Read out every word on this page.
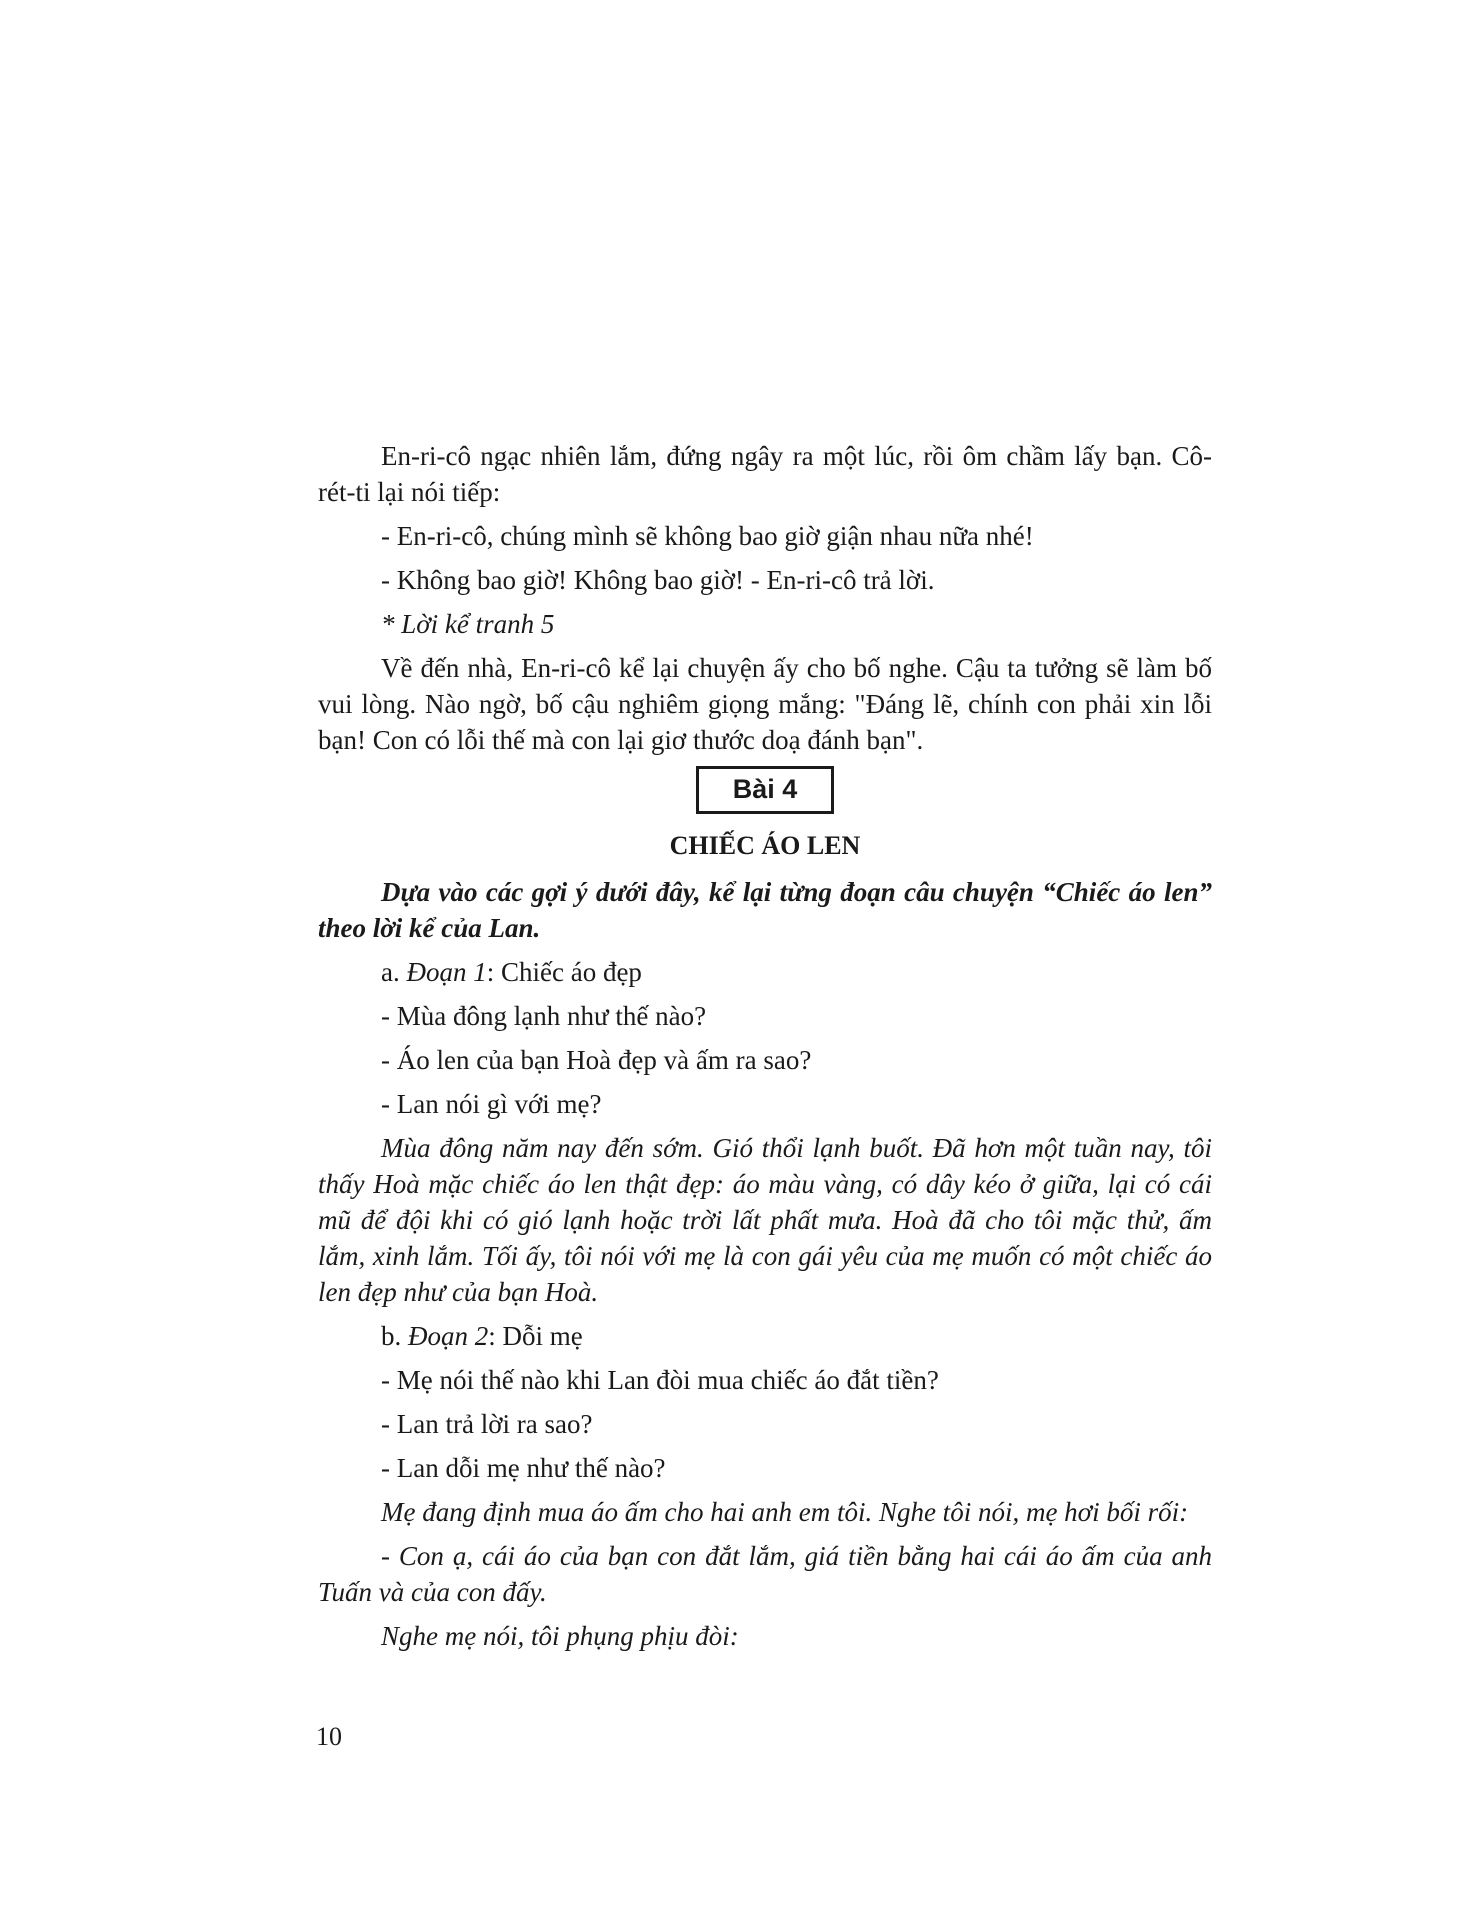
En-ri-cô ngạc nhiên lắm, đứng ngây ra một lúc, rồi ôm chầm lấy bạn. Cô-rét-ti lại nói tiếp:

- En-ri-cô, chúng mình sẽ không bao giờ giận nhau nữa nhé!

- Không bao giờ! Không bao giờ! - En-ri-cô trả lời.

* Lời kể tranh 5

Về đến nhà, En-ri-cô kể lại chuyện ấy cho bố nghe. Cậu ta tưởng sẽ làm bố vui lòng. Nào ngờ, bố cậu nghiêm giọng mắng: "Đáng lẽ, chính con phải xin lỗi bạn! Con có lỗi thế mà con lại giơ thước doạ đánh bạn".

Bài 4

CHIẾC ÁO LEN

Dựa vào các gợi ý dưới đây, kể lại từng đoạn câu chuyện “Chiếc áo len” theo lời kể của Lan.

a. Đoạn 1: Chiếc áo đẹp

- Mùa đông lạnh như thế nào?

- Áo len của bạn Hoà đẹp và ấm ra sao?

- Lan nói gì với mẹ?

Mùa đông năm nay đến sớm. Gió thổi lạnh buốt. Đã hơn một tuần nay, tôi thấy Hoà mặc chiếc áo len thật đẹp: áo màu vàng, có dây kéo ở giữa, lại có cái mũ để đội khi có gió lạnh hoặc trời lất phất mưa. Hoà đã cho tôi mặc thử, ấm lắm, xinh lắm. Tối ấy, tôi nói với mẹ là con gái yêu của mẹ muốn có một chiếc áo len đẹp như của bạn Hoà.

b. Đoạn 2: Dỗi mẹ

- Mẹ nói thế nào khi Lan đòi mua chiếc áo đắt tiền?

- Lan trả lời ra sao?

- Lan dỗi mẹ như thế nào?

Mẹ đang định mua áo ấm cho hai anh em tôi. Nghe tôi nói, mẹ hơi bối rối:

- Con ạ, cái áo của bạn con đắt lắm, giá tiền bằng hai cái áo ấm của anh Tuấn và của con đấy.

Nghe mẹ nói, tôi phụng phịu đòi:

10
